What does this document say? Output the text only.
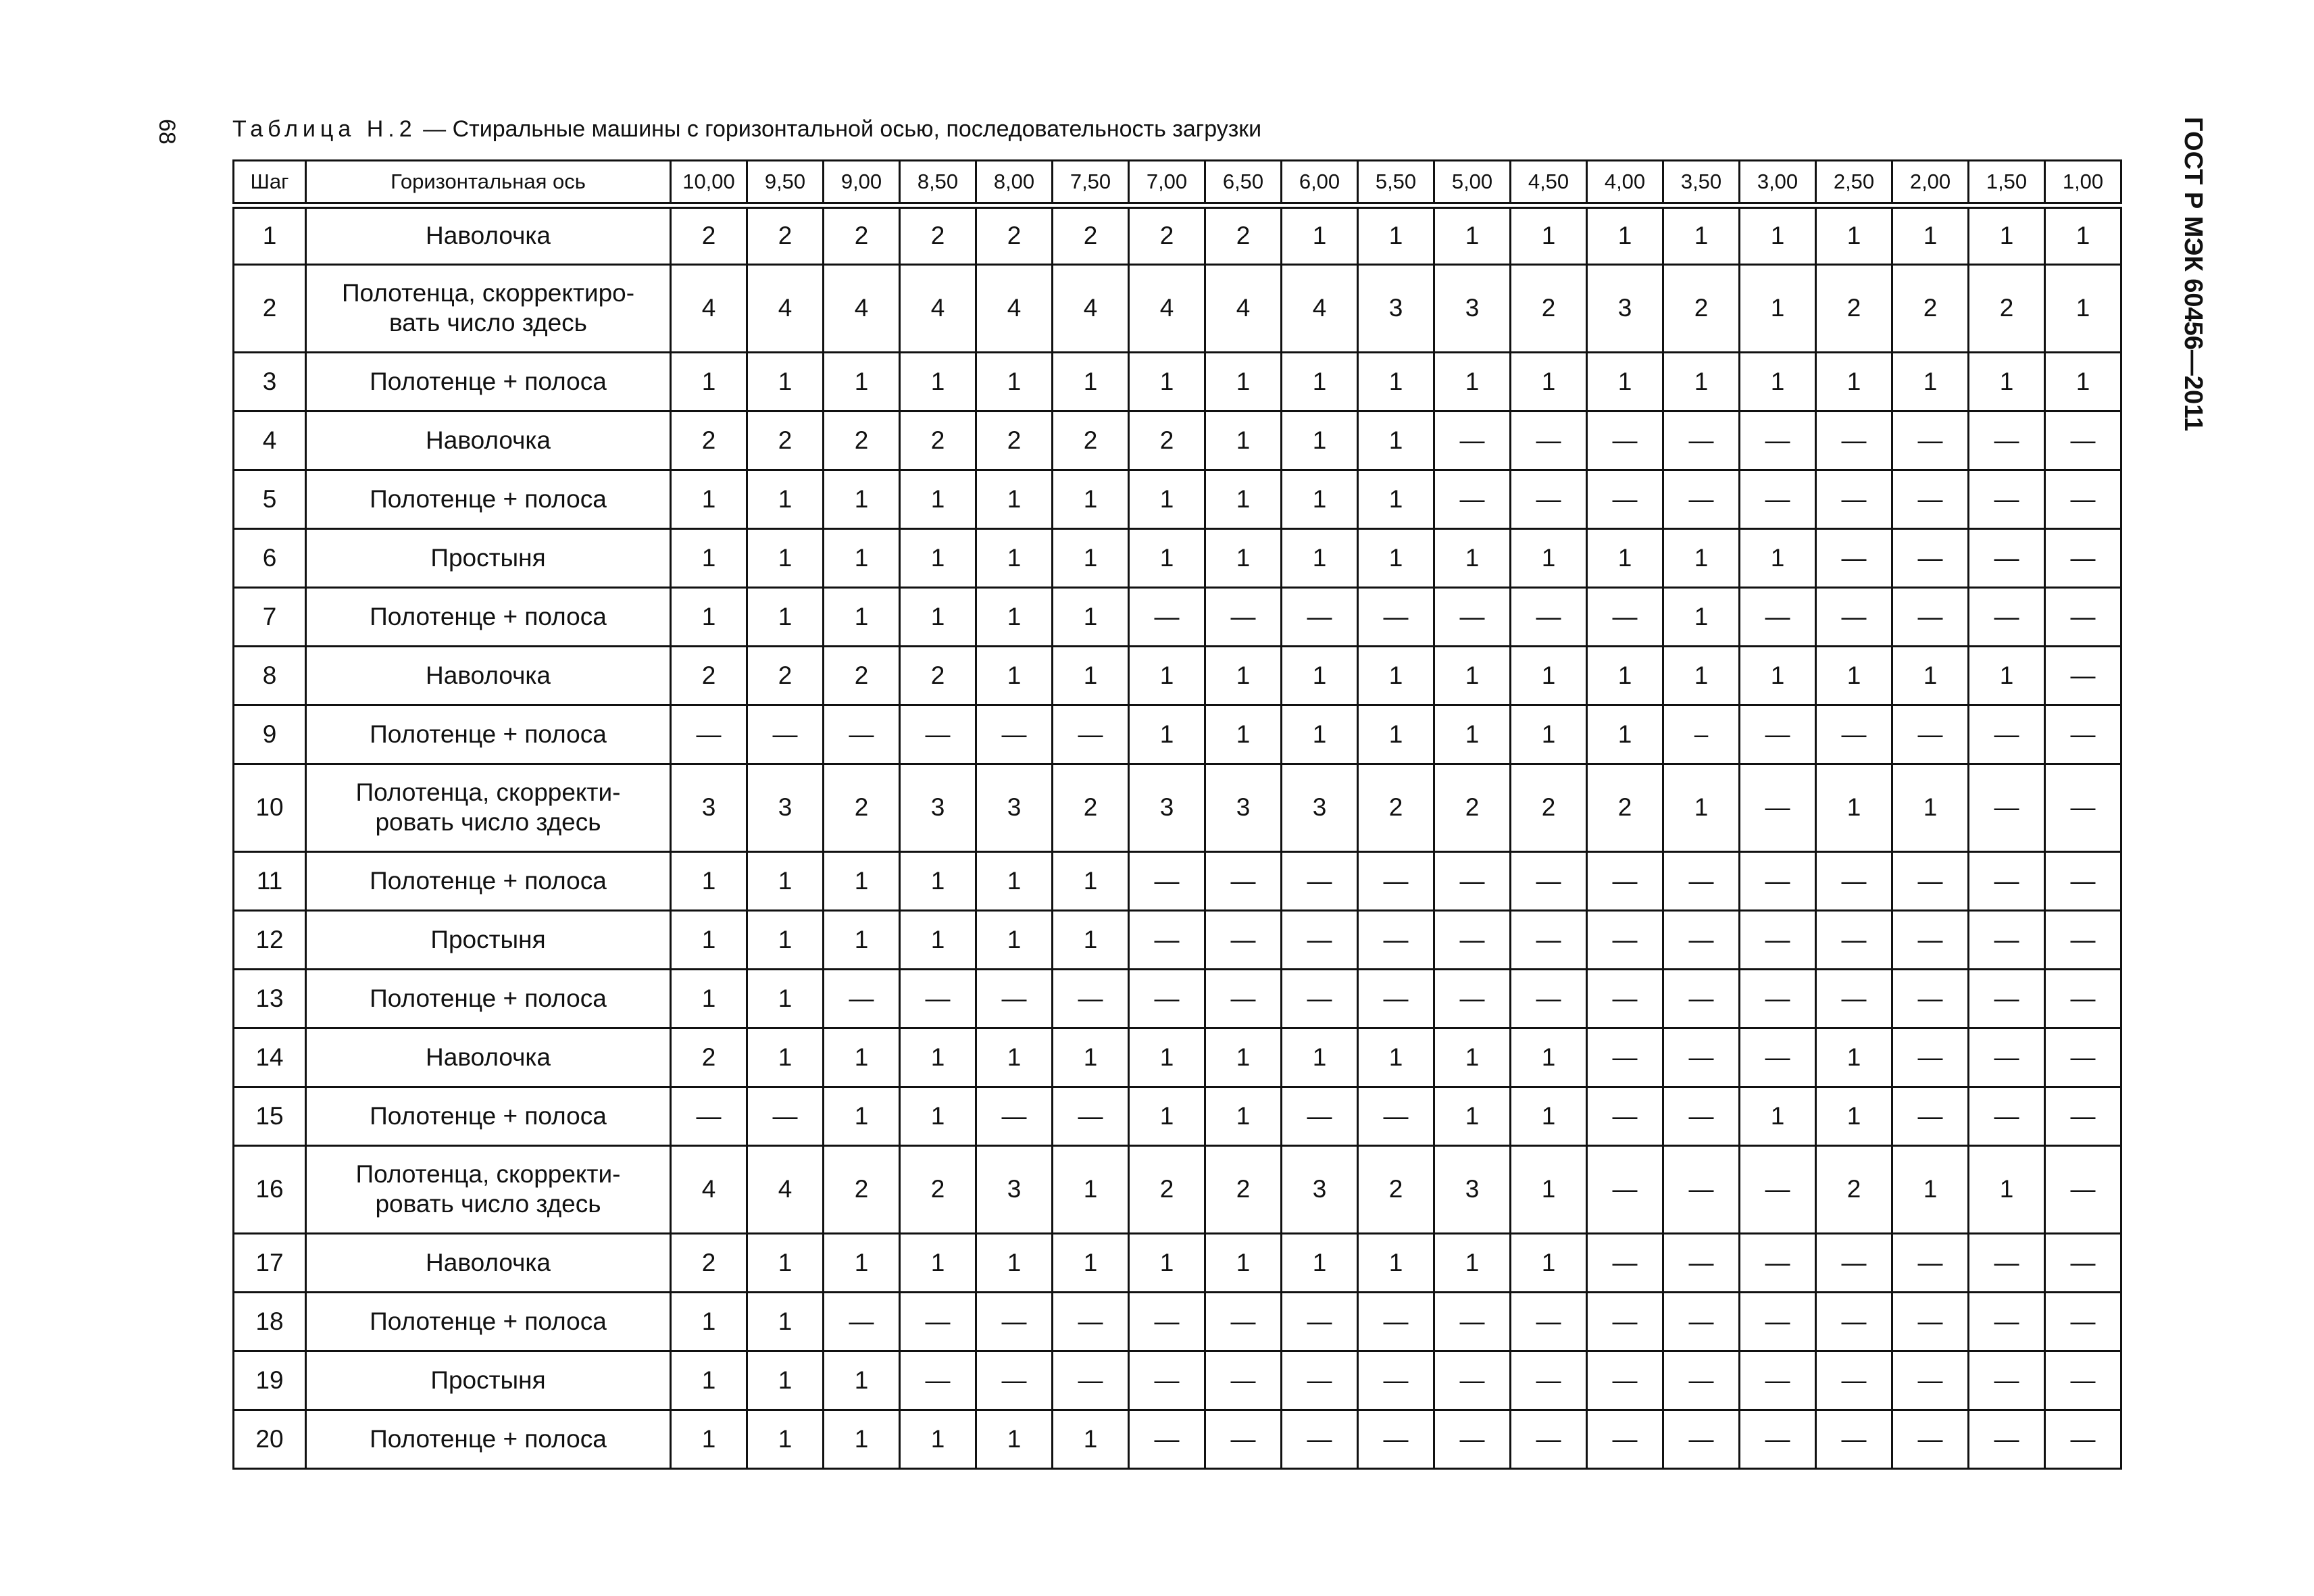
68	ГОСТ Р МЭК 60456—2011
Таблица Н.2 — Стиральные машины с горизонтальной осью, последовательность загрузки
Шаг	Горизонтальная ось	10,00	9,50	9,00	8,50	8,00	7,50	7,00	6,50	6,00	5,50	5,00	4,50	4,00	3,50	3,00	2,50	2,00	1,50	1,00
1	Наволочка	2	2	2	2	2	2	2	2	1	1	1	1	1	1	1	1	1	1	1
2	Полотенца, скорректиро-
вать число здесь	4	4	4	4	4	4	4	4	4	3	3	2	3	2	1	2	2	2	1
3	Полотенце + полоса	1	1	1	1	1	1	1	1	1	1	1	1	1	1	1	1	1	1	1
4	Наволочка	2	2	2	2	2	2	2	1	1	1	—	—	—	—	—	—	—	—	—
5	Полотенце + полоса	1	1	1	1	1	1	1	1	1	1	—	—	—	—	—	—	—	—	—
6	Простыня	1	1	1	1	1	1	1	1	1	1	1	1	1	1	1	—	—	—	—
7	Полотенце + полоса	1	1	1	1	1	1	—	—	—	—	—	—	—	1	—	—	—	—	—
8	Наволочка	2	2	2	2	1	1	1	1	1	1	1	1	1	1	1	1	1	1	—
9	Полотенце + полоса	—	—	—	—	—	—	1	1	1	1	1	1	1	–	—	—	—	—	—
10	Полотенца, скорректи-
ровать число здесь	3	3	2	3	3	2	3	3	3	2	2	2	2	1	—	1	1	—	—
11	Полотенце + полоса	1	1	1	1	1	1	—	—	—	—	—	—	—	—	—	—	—	—	—
12	Простыня	1	1	1	1	1	1	—	—	—	—	—	—	—	—	—	—	—	—	—
13	Полотенце + полоса	1	1	—	—	—	—	—	—	—	—	—	—	—	—	—	—	—	—	—
14	Наволочка	2	1	1	1	1	1	1	1	1	1	1	1	—	—	—	1	—	—	—
15	Полотенце + полоса	—	—	1	1	—	—	1	1	—	—	1	1	—	—	1	1	—	—	—
16	Полотенца, скорректи-
ровать число здесь	4	4	2	2	3	1	2	2	3	2	3	1	—	—	—	2	1	1	—
17	Наволочка	2	1	1	1	1	1	1	1	1	1	1	1	—	—	—	—	—	—	—
18	Полотенце + полоса	1	1	—	—	—	—	—	—	—	—	—	—	—	—	—	—	—	—	—
19	Простыня	1	1	1	—	—	—	—	—	—	—	—	—	—	—	—	—	—	—	—
20	Полотенце + полоса	1	1	1	1	1	1	—	—	—	—	—	—	—	—	—	—	—	—	—
